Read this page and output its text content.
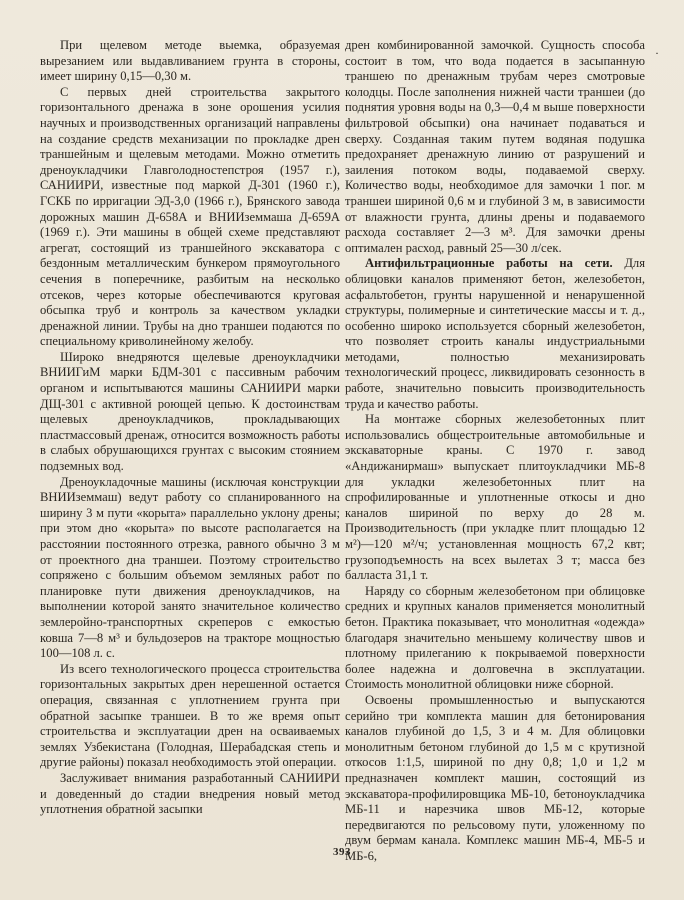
При щелевом методе выемка, образуемая вырезанием или выдавливанием грунта в стороны, имеет ширину 0,15—0,30 м.

С первых дней строительства закрытого горизонтального дренажа в зоне орошения усилия научных и производственных организаций направлены на создание средств механизации по прокладке дрен траншейным и щелевым методами. Можно отметить дреноукладчики Главголодностепстроя (1957 г.), САНИИРИ, известные под маркой Д-301 (1960 г.), ГСКБ по ирригации ЭД-3,0 (1966 г.), Брянского завода дорожных машин Д-658А и ВНИИземмаша Д-659А (1969 г.). Эти машины в общей схеме представляют агрегат, состоящий из траншейного экскаватора с бездонным металлическим бункером прямоугольного сечения в поперечнике, разбитым на несколько отсеков, через которые обеспечиваются круговая обсыпка труб и контроль за качеством укладки дренажной линии. Трубы на дно траншеи подаются по специальному криволинейному желобу.

Широко внедряются щелевые дреноукладчики ВНИИГиМ марки БДМ-301 с пассивным рабочим органом и испытываются машины САНИИРИ марки ДЩ-301 с активной роющей цепью. К достоинствам щелевых дреноукладчиков, прокладывающих пластмассовый дренаж, относится возможность работы в слабых обрушающихся грунтах с высоким стоянием подземных вод.

Дреноукладочные машины (исключая конструкции ВНИИземмаш) ведут работу со спланированного на ширину 3 м пути «корыта» параллельно уклону дрены; при этом дно «корыта» по высоте располагается на расстоянии постоянного отрезка, равного обычно 3 м от проектного дна траншеи. Поэтому строительство сопряжено с большим объемом земляных работ по планировке пути движения дреноукладчиков, на выполнении которой занято значительное количество землеройно-транспортных скреперов с емкостью ковша 7—8 м³ и бульдозеров на тракторе мощностью 100—108 л. с.

Из всего технологического процесса строительства горизонтальных закрытых дрен нерешенной остается операция, связанная с уплотнением грунта при обратной засыпке траншеи. В то же время опыт строительства и эксплуатации дрен на осваиваемых землях Узбекистана (Голодная, Шерабадская степь и другие районы) показал необходимость этой операции.

Заслуживает внимания разработанный САНИИРИ и доведенный до стадии внедрения новый метод уплотнения обратной засыпки

дрен комбинированной замочкой. Сущность способа состоит в том, что вода подается в засыпанную траншею по дренажным трубам через смотровые колодцы. После заполнения нижней части траншеи (до поднятия уровня воды на 0,3—0,4 м выше поверхности фильтровой обсыпки) она начинает подаваться и сверху. Созданная таким путем водяная подушка предохраняет дренажную линию от разрушений и заиления потоком воды, подаваемой сверху. Количество воды, необходимое для замочки 1 пог. м траншеи шириной 0,6 м и глубиной 3 м, в зависимости от влажности грунта, длины дрены и подаваемого расхода составляет 2—3 м³. Для замочки дрены оптимален расход, равный 25—30 л/сек.

Антифильтрационные работы на сети. Для облицовки каналов применяют бетон, железобетон, асфальтобетон, грунты нарушенной и ненарушенной структуры, полимерные и синтетические массы и т. д., особенно широко используется сборный железобетон, что позволяет строить каналы индустриальными методами, полностью механизировать технологический процесс, ликвидировать сезонность в работе, значительно повысить производительность труда и качество работы.

На монтаже сборных железобетонных плит использовались общестроительные автомобильные и экскаваторные краны. С 1970 г. завод «Андижанирмаш» выпускает плитоукладчики МБ-8 для укладки железобетонных плит на спрофилированные и уплотненные откосы и дно каналов шириной по верху до 28 м. Производительность (при укладке плит площадью 12 м²)—120 м²/ч; установленная мощность 67,2 квт; грузоподъемность на всех вылетах 3 т; масса без балласта 31,1 т.

Наряду со сборным железобетоном при облицовке средних и крупных каналов применяется монолитный бетон. Практика показывает, что монолитная «одежда» благодаря значительно меньшему количеству швов и плотному прилеганию к покрываемой поверхности более надежна и долговечна в эксплуатации. Стоимость монолитной облицовки ниже сборной.

Освоены промышленностью и выпускаются серийно три комплекта машин для бетонирования каналов глубиной до 1,5, 3 и 4 м. Для облицовки монолитным бетоном глубиной до 1,5 м с крутизной откосов 1:1,5, шириной по дну 0,8; 1,0 и 1,2 м предназначен комплект машин, состоящий из экскаватора-профилировщика МБ-10, бетоноукладчика МБ-11 и нарезчика швов МБ-12, которые передвигаются по рельсовому пути, уложенному по двум бермам канала. Комплекс машин МБ-4, МБ-5 и МБ-6,

·
393
